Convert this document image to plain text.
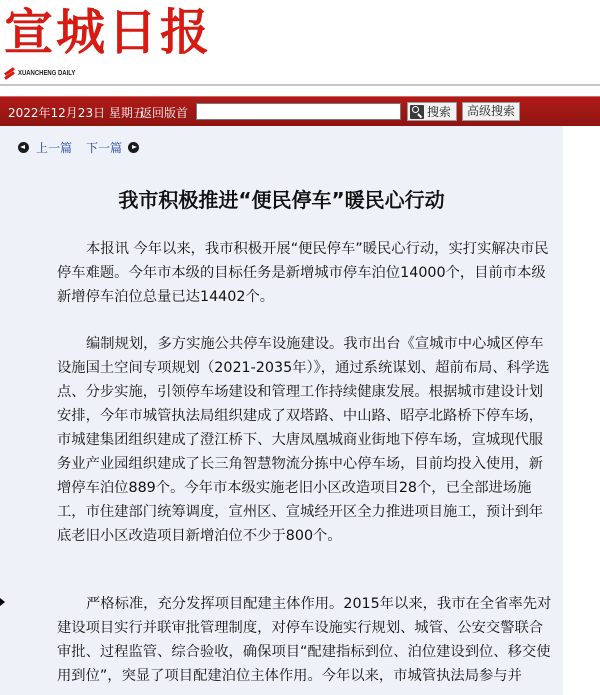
宣城日报
XUANCHENG DAILY
2022年12月23日 星期五
返回版首	搜索	高级搜索
上一篇 下一篇
我市积极推进“便民停车”暖民心行动

本报讯 今年以来，我市积极开展“便民停车”暖民心行动，实打实解决市民停车难题。今年市本级的目标任务是新增城市停车泊位14000个，目前市本级新增停车泊位总量已达14402个。

编制规划，多方实施公共停车设施建设。我市出台《宣城市中心城区停车设施国土空间专项规划（2021-2035年）》，通过系统谋划、超前布局、科学选点、分步实施，引领停车场建设和管理工作持续健康发展。根据城市建设计划安排，今年市城管执法局组织建成了双塔路、中山路、昭亭北路桥下停车场，市城建集团组织建成了澄江桥下、大唐凤凰城商业街地下停车场，宣城现代服务业产业园组织建成了长三角智慧物流分拣中心停车场，目前均投入使用，新增停车泊位889个。今年市本级实施老旧小区改造项目28个，已全部进场施工，市住建部门统筹调度，宣州区、宣城经开区全力推进项目施工，预计到年底老旧小区改造项目新增泊位不少于800个。

严格标准，充分发挥项目配建主体作用。2015年以来，我市在全省率先对建设项目实行并联审批管理制度，对停车设施实行规划、城管、公安交警联合审批、过程监管、综合验收，确保项目“配建指标到位、泊位建设到位、移交使用到位”，突显了项目配建泊位主体作用。今年以来，市城管执法局参与并
